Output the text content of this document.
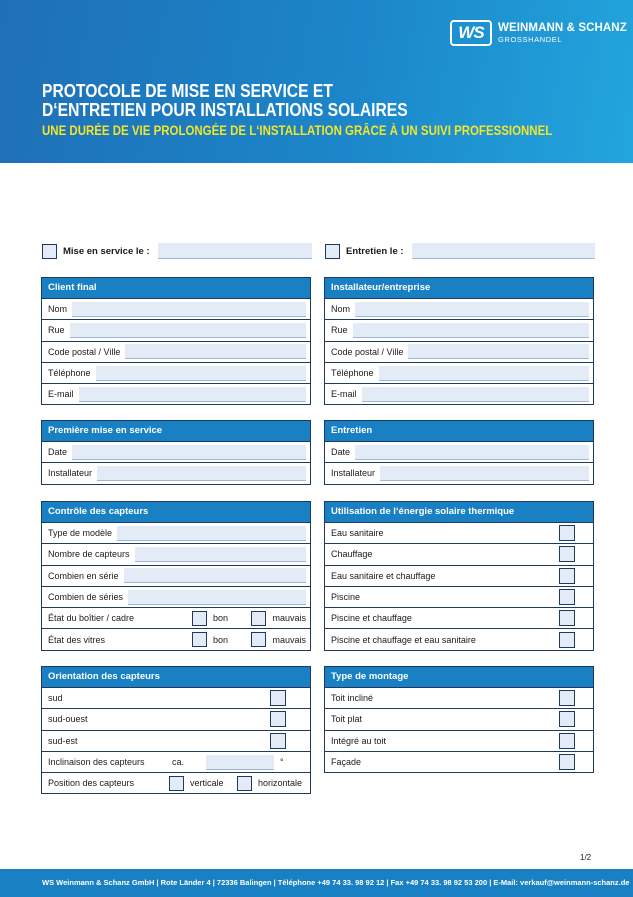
WS	WEINMANN & SCHANZ
GROSSHANDEL
PROTOCOLE DE MISE EN SERVICE ET
D‘ENTRETIEN POUR INSTALLATIONS SOLAIRES
UNE DURÉE DE VIE PROLONGÉE DE L‘INSTALLATION GRÂCE À UN SUIVI PROFESSIONNEL
Mise en service le :	Entretien le :
Client final
Nom
Rue
Code postal / Ville
Téléphone
E-mail
Installateur/entreprise
Nom
Rue
Code postal / Ville
Téléphone
E-mail
Première mise en service
Date
Installateur
Entretien
Date
Installateur
Contrôle des capteurs
Type de modèle
Nombre de capteurs
Combien en série
Combien de séries
État du boîtier / cadre	bon	mauvais
État des vitres	bon	mauvais
Utilisation de l‘énergie solaire thermique
Eau sanitaire
Chauffage
Eau sanitaire et chauffage
Piscine
Piscine et chauffage
Piscine et chauffage et eau sanitaire
Orientation des capteurs
sud
sud-ouest
sud-est
Inclinaison des capteurs	ca.	°
Position des capteurs	verticale	horizontale
Type de montage
Toit incliné
Toit plat
Intégré au toit
Façade
1/2
WS Weinmann & Schanz GmbH | Rote Länder 4 | 72336 Balingen | Téléphone +49 74 33. 98 92 12 | Fax +49 74 33. 98 92 53 200 | E-Mail: verkauf@weinmann-schanz.de
